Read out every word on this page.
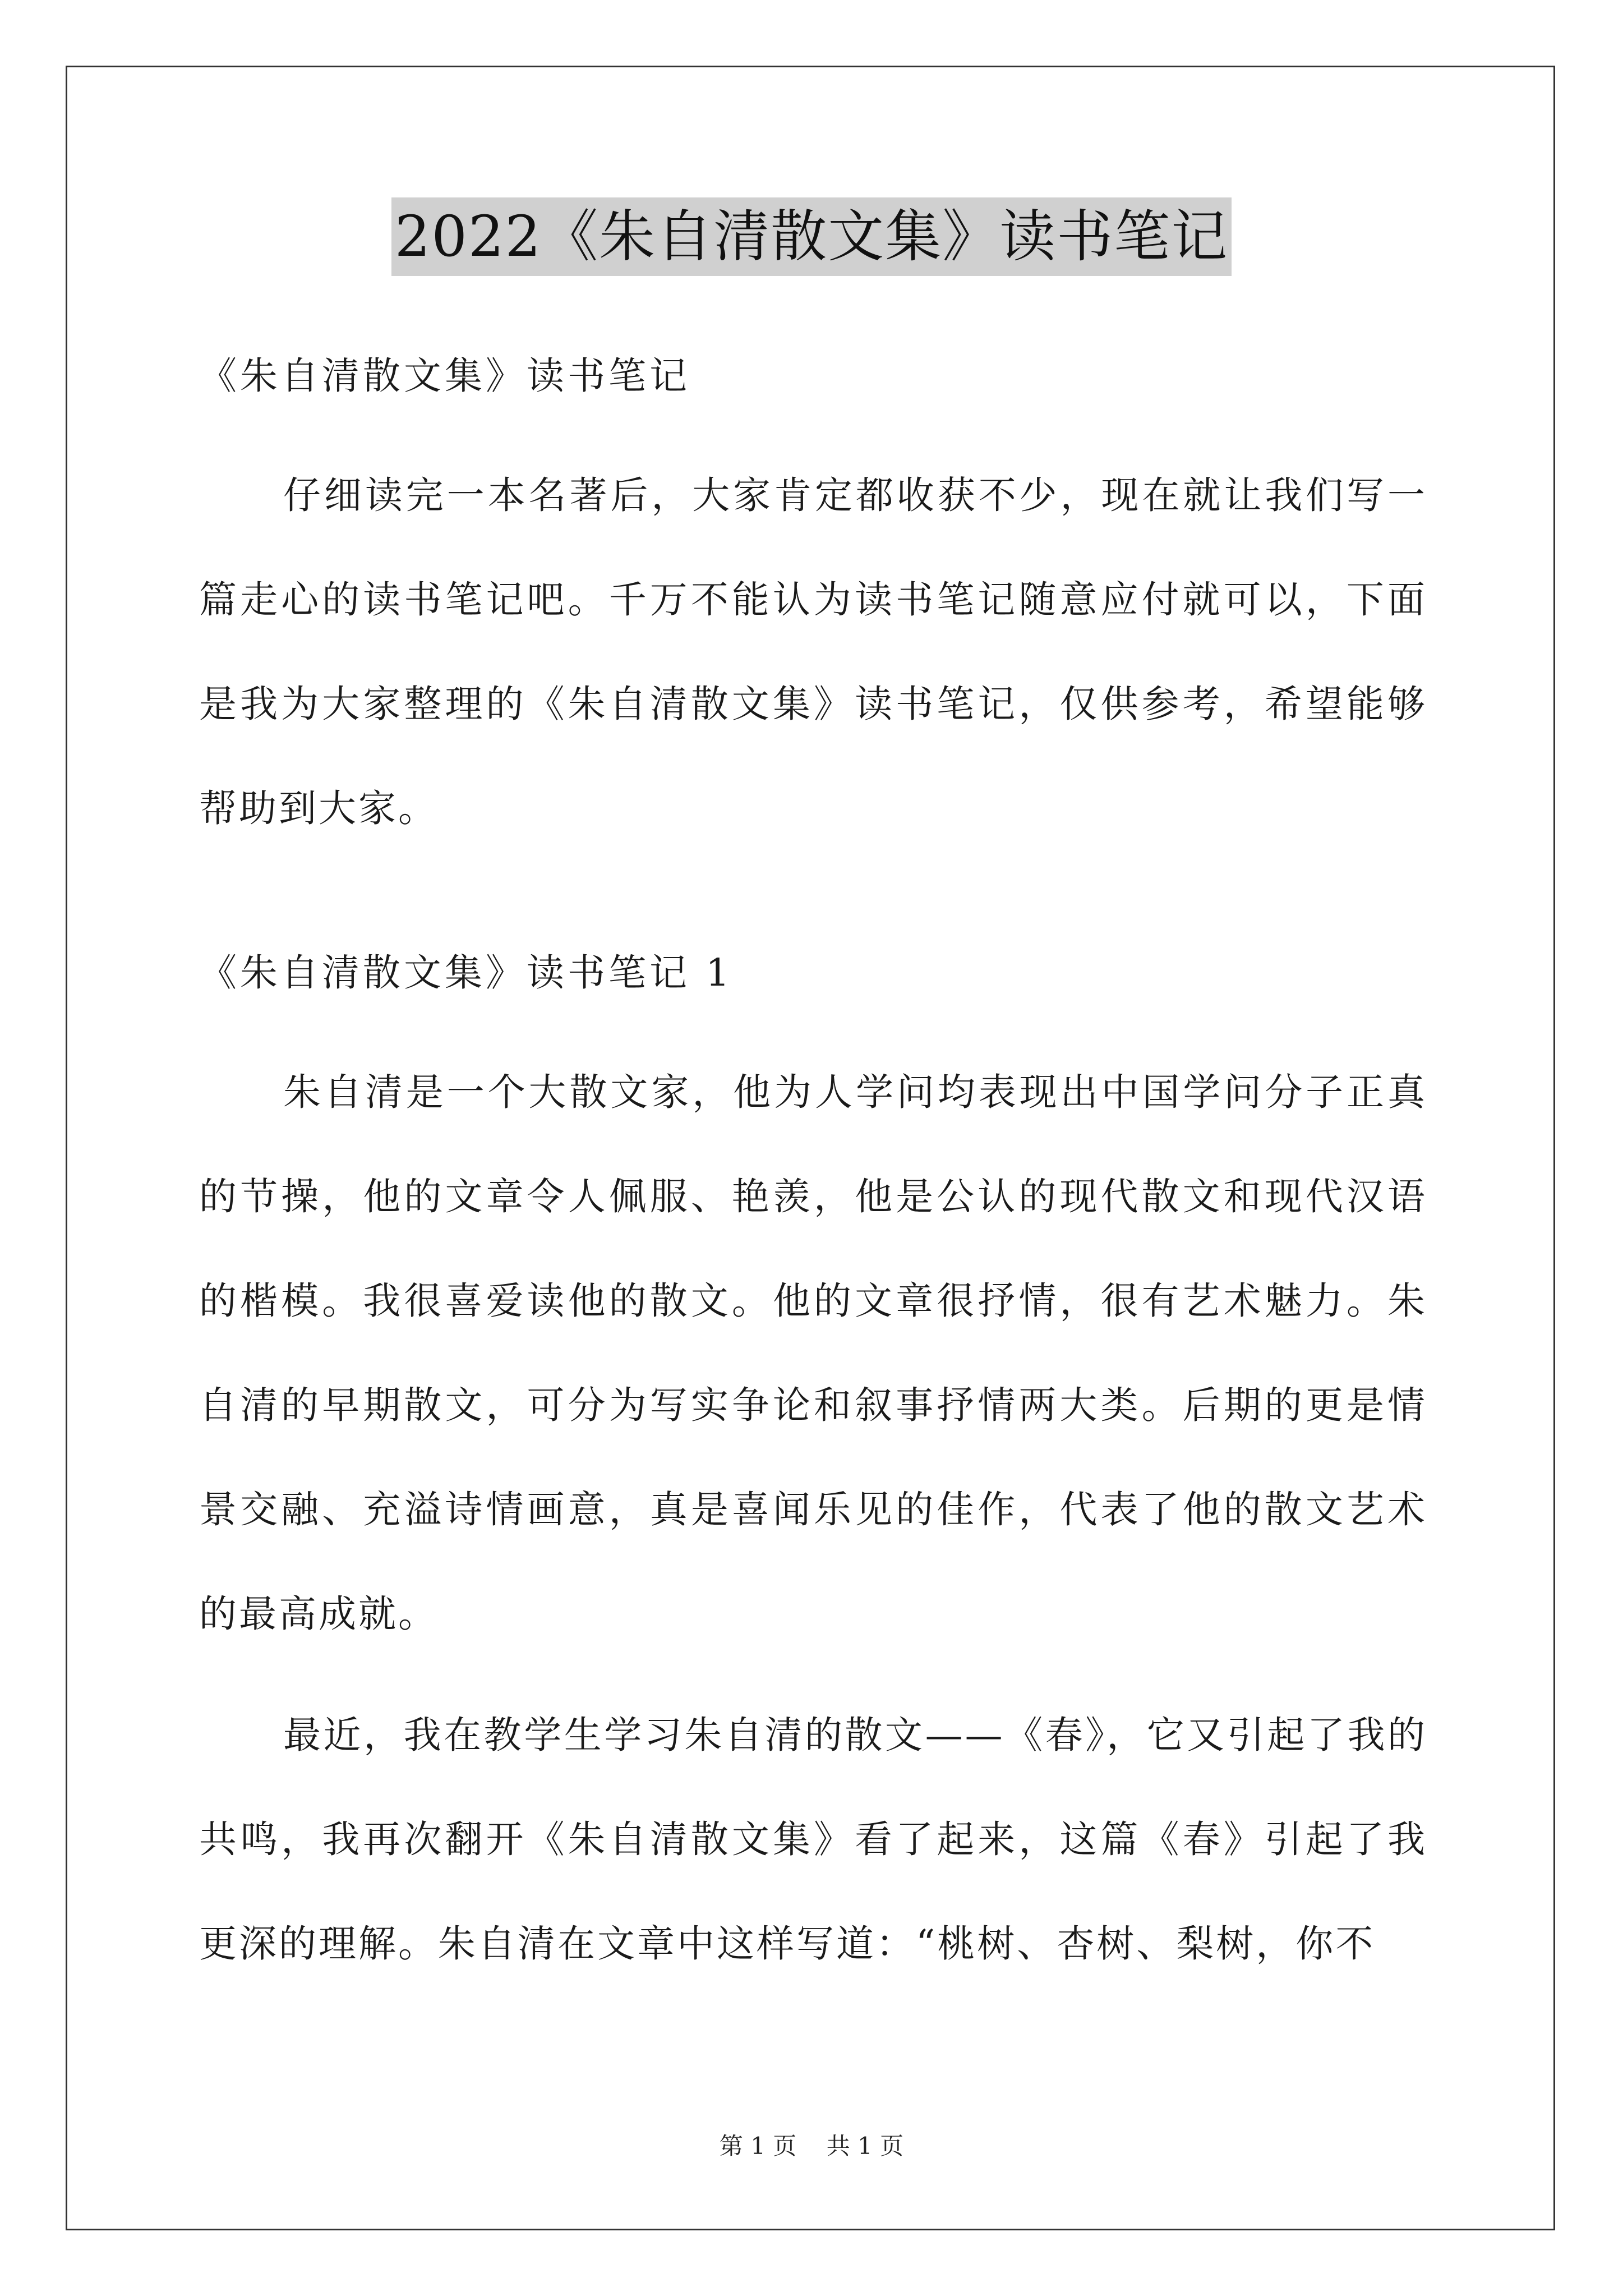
2022《朱自清散文集》读书笔记

《朱自清散文集》读书笔记

仔细读完一本名著后，大家肯定都收获不少，现在就让我们写一篇走心的读书笔记吧。千万不能认为读书笔记随意应付就可以，下面是我为大家整理的《朱自清散文集》读书笔记，仅供参考，希望能够帮助到大家。

《朱自清散文集》读书笔记 1

朱自清是一个大散文家，他为人学问均表现出中国学问分子正真的节操，他的文章令人佩服、艳羡，他是公认的现代散文和现代汉语的楷模。我很喜爱读他的散文。他的文章很抒情，很有艺术魅力。朱自清的早期散文，可分为写实争论和叙事抒情两大类。后期的更是情景交融、充溢诗情画意，真是喜闻乐见的佳作，代表了他的散文艺术的最高成就。

最近，我在教学生学习朱自清的散文——《春》，它又引起了我的共鸣，我再次翻开《朱自清散文集》看了起来，这篇《春》引起了我更深的理解。朱自清在文章中这样写道：“桃树、杏树、梨树，你不

第 1 页    共 1 页
